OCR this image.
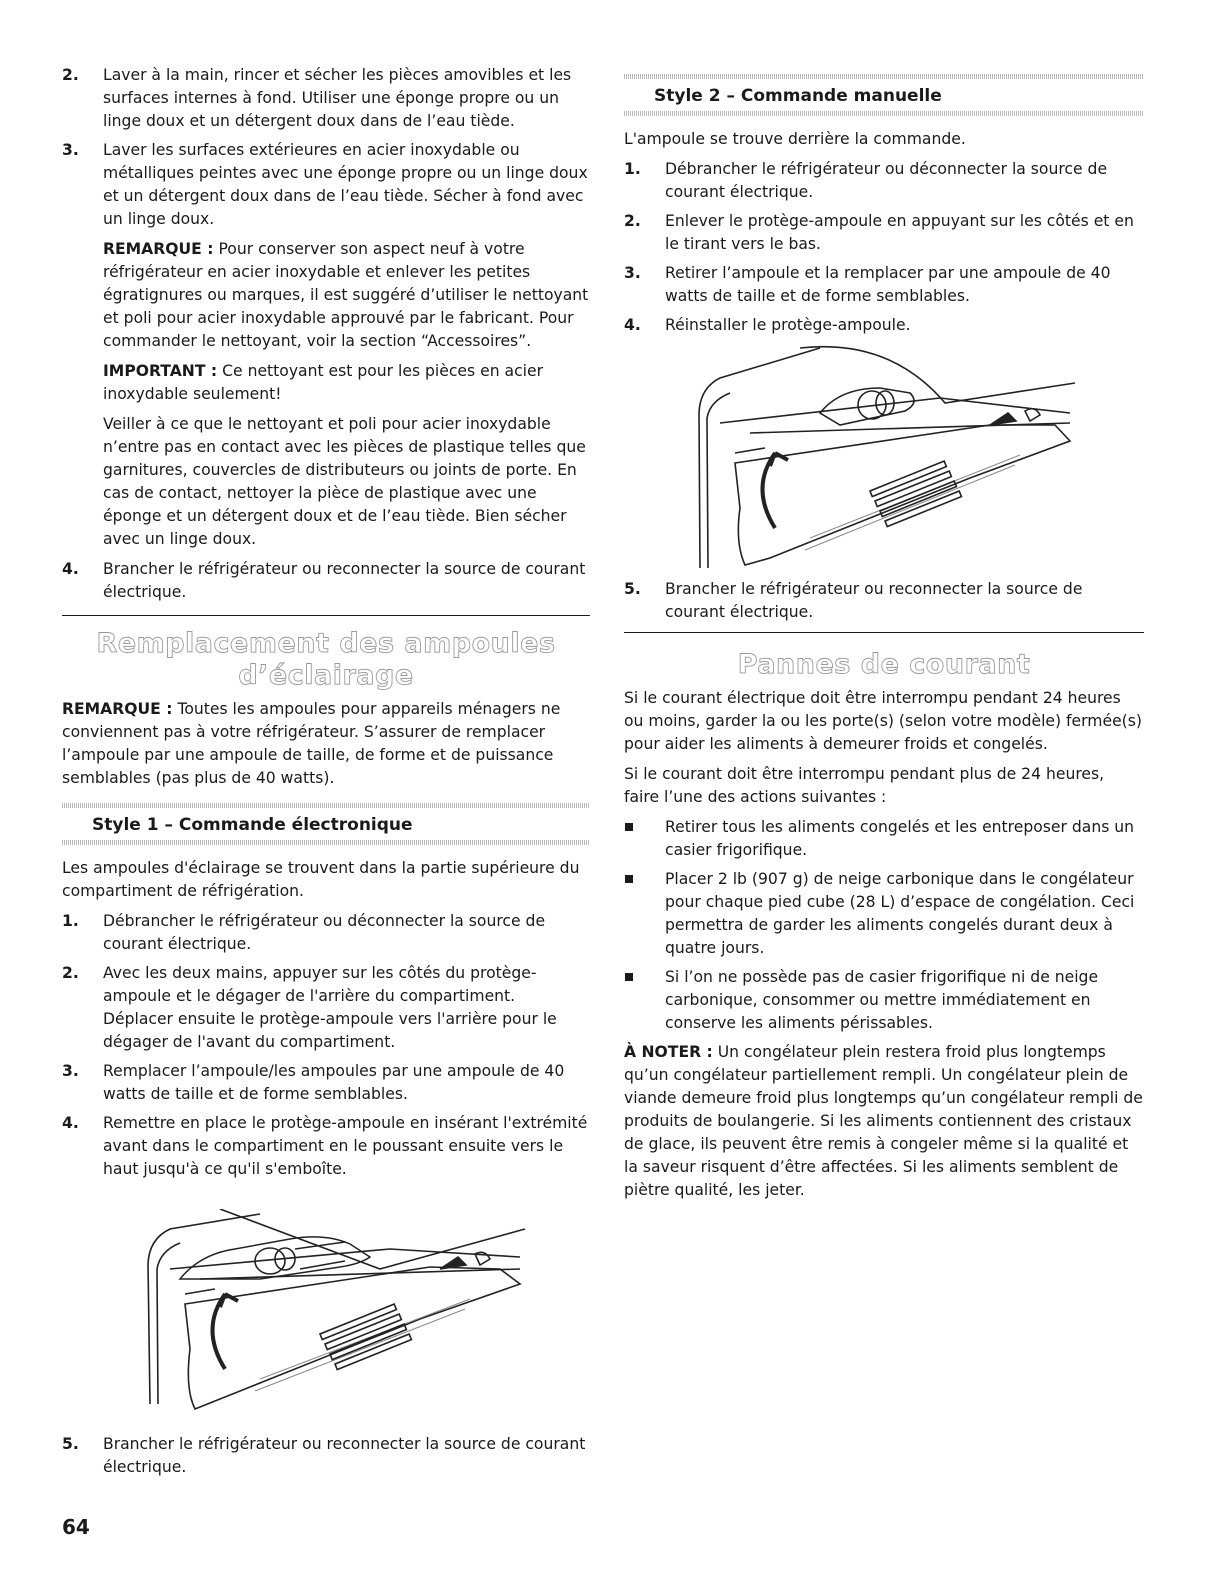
2. Laver à la main, rincer et sécher les pièces amovibles et les surfaces internes à fond. Utiliser une éponge propre ou un linge doux et un détergent doux dans de l’eau tiède.
3. Laver les surfaces extérieures en acier inoxydable ou métalliques peintes avec une éponge propre ou un linge doux et un détergent doux dans de l’eau tiède. Sécher à fond avec un linge doux.

REMARQUE : Pour conserver son aspect neuf à votre réfrigérateur en acier inoxydable et enlever les petites égratignures ou marques, il est suggéré d’utiliser le nettoyant et poli pour acier inoxydable approuvé par le fabricant. Pour commander le nettoyant, voir la section “Accessoires”.

IMPORTANT : Ce nettoyant est pour les pièces en acier inoxydable seulement!

Veiller à ce que le nettoyant et poli pour acier inoxydable n’entre pas en contact avec les pièces de plastique telles que garnitures, couvercles de distributeurs ou joints de porte. En cas de contact, nettoyer la pièce de plastique avec une éponge et un détergent doux et de l’eau tiède. Bien sécher avec un linge doux.

4. Brancher le réfrigérateur ou reconnecter la source de courant électrique.
Remplacement des ampoules d’éclairage

REMARQUE : Toutes les ampoules pour appareils ménagers ne conviennent pas à votre réfrigérateur. S’assurer de remplacer l’ampoule par une ampoule de taille, de forme et de puissance semblables (pas plus de 40 watts).

Style 1 – Commande électronique

Les ampoules d'éclairage se trouvent dans la partie supérieure du compartiment de réfrigération.

1. Débrancher le réfrigérateur ou déconnecter la source de courant électrique.
2. Avec les deux mains, appuyer sur les côtés du protège-ampoule et le dégager de l'arrière du compartiment. Déplacer ensuite le protège-ampoule vers l'arrière pour le dégager de l'avant du compartiment.
3. Remplacer l’ampoule/les ampoules par une ampoule de 40 watts de taille et de forme semblables.
4. Remettre en place le protège-ampoule en insérant l'extrémité avant dans le compartiment en le poussant ensuite vers le haut jusqu'à ce qu'il s'emboîte.
5. Brancher le réfrigérateur ou reconnecter la source de courant électrique.
Style 2 – Commande manuelle

L'ampoule se trouve derrière la commande.

1. Débrancher le réfrigérateur ou déconnecter la source de courant électrique.
2. Enlever le protège-ampoule en appuyant sur les côtés et en le tirant vers le bas.
3. Retirer l’ampoule et la remplacer par une ampoule de 40 watts de taille et de forme semblables.
4. Réinstaller le protège-ampoule.
5. Brancher le réfrigérateur ou reconnecter la source de courant électrique.
Pannes de courant

Si le courant électrique doit être interrompu pendant 24 heures ou moins, garder la ou les porte(s) (selon votre modèle) fermée(s) pour aider les aliments à demeurer froids et congelés.

Si le courant doit être interrompu pendant plus de 24 heures, faire l’une des actions suivantes :

Retirer tous les aliments congelés et les entreposer dans un casier frigorifique.
Placer 2 lb (907 g) de neige carbonique dans le congélateur pour chaque pied cube (28 L) d’espace de congélation. Ceci permettra de garder les aliments congelés durant deux à quatre jours.
Si l’on ne possède pas de casier frigorifique ni de neige carbonique, consommer ou mettre immédiatement en conserve les aliments périssables.

À NOTER : Un congélateur plein restera froid plus longtemps qu’un congélateur partiellement rempli. Un congélateur plein de viande demeure froid plus longtemps qu’un congélateur rempli de produits de boulangerie. Si les aliments contiennent des cristaux de glace, ils peuvent être remis à congeler même si la qualité et la saveur risquent d’être affectées. Si les aliments semblent de piètre qualité, les jeter.

64
